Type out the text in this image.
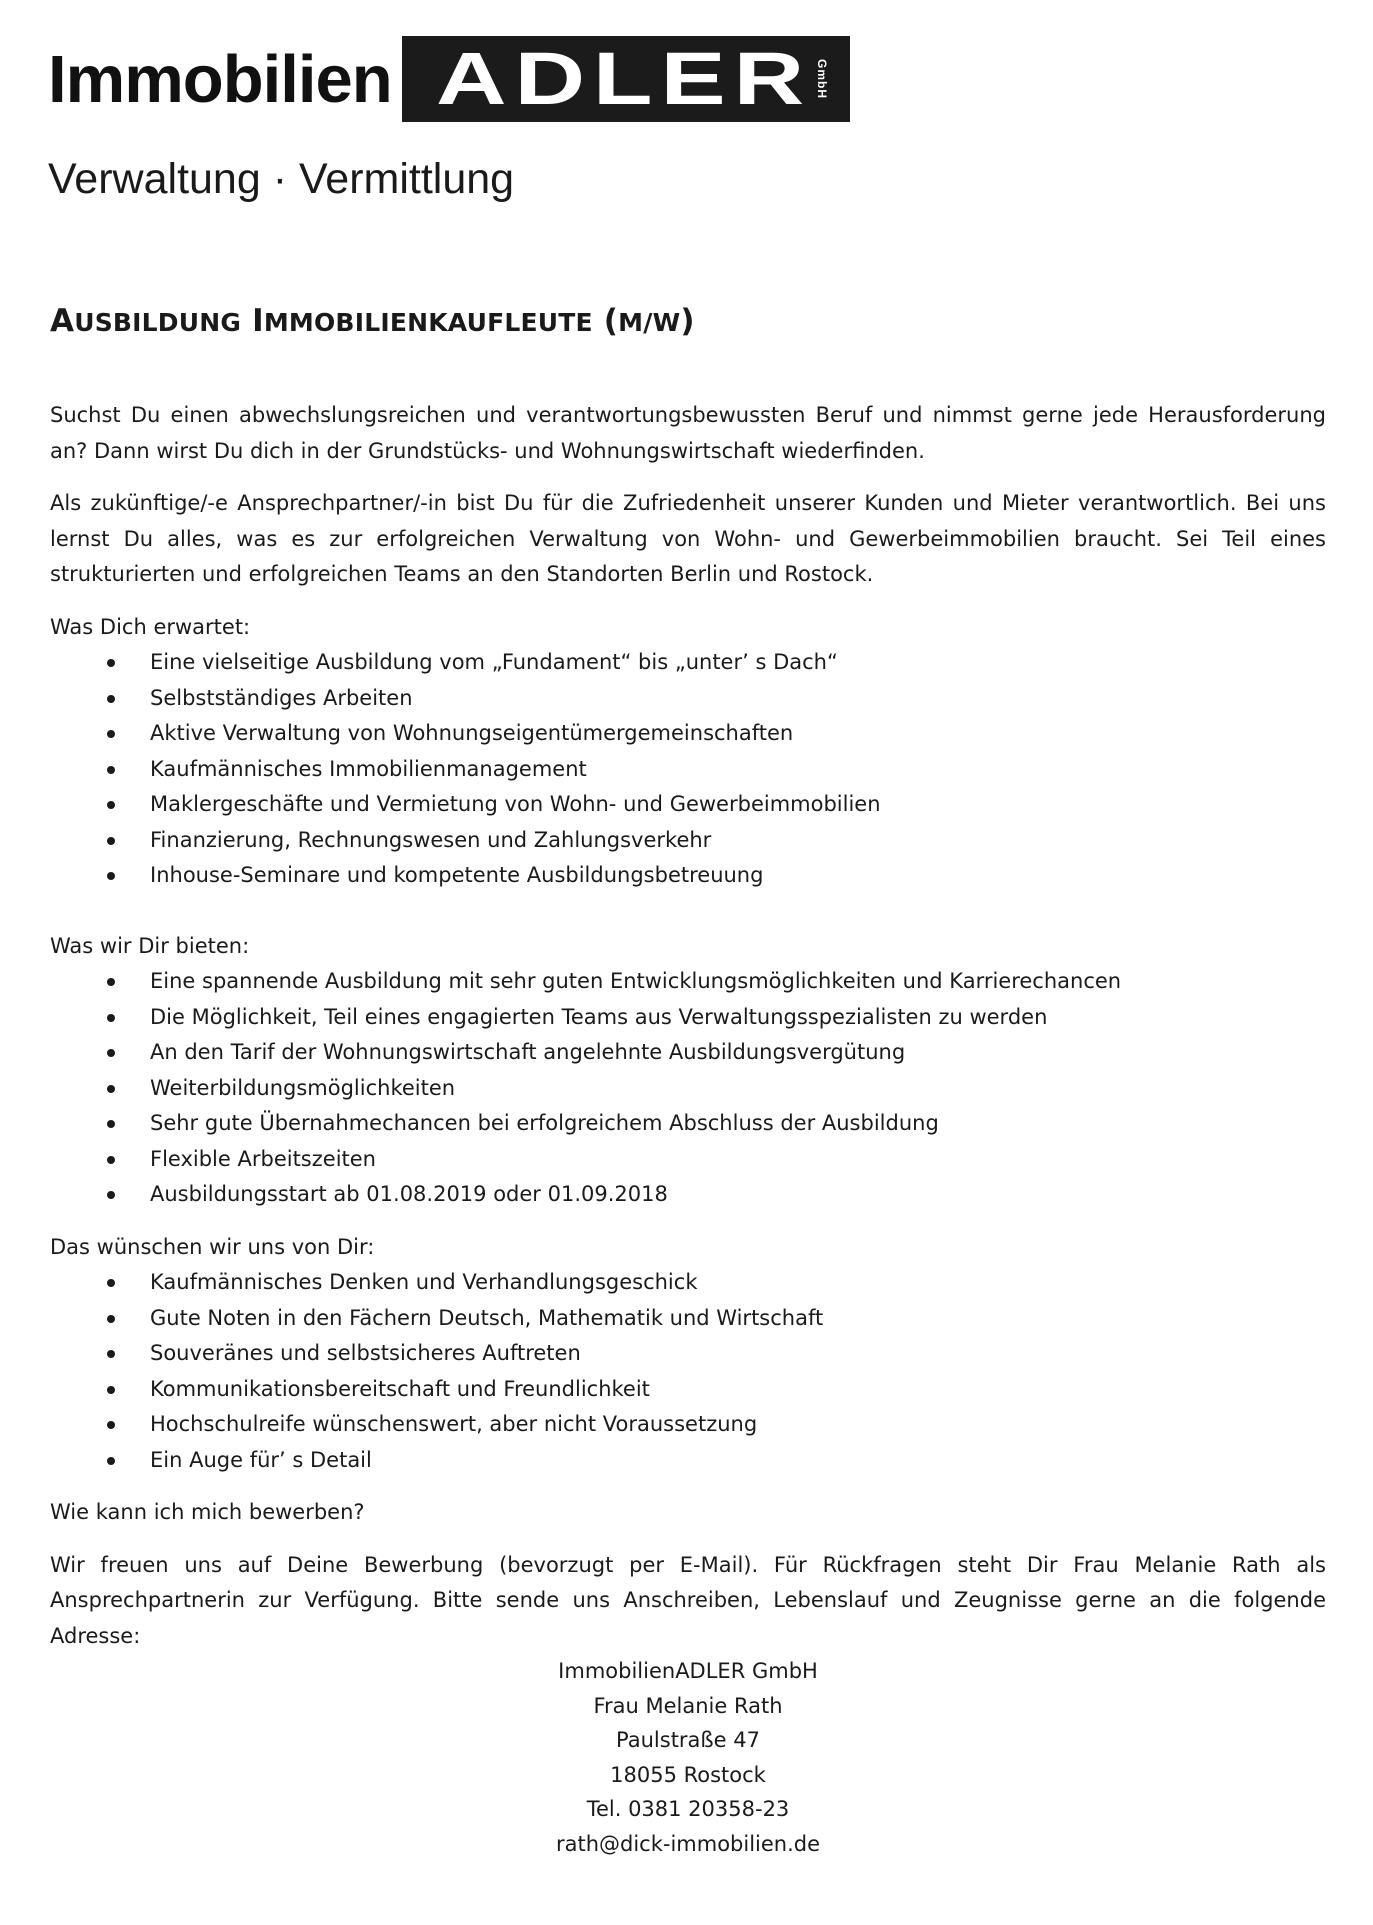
Immobilien ADLER GmbH
Verwaltung · Vermittlung
AUSBILDUNG IMMOBILIENKAUFLEUTE (M/W)

Suchst Du einen abwechslungsreichen und verantwortungsbewussten Beruf und nimmst gerne jede Herausforderung an? Dann wirst Du dich in der Grundstücks- und Wohnungswirtschaft wiederfinden.

Als zukünftige/-e Ansprechpartner/-in bist Du für die Zufriedenheit unserer Kunden und Mieter verantwortlich. Bei uns lernst Du alles, was es zur erfolgreichen Verwaltung von Wohn- und Gewerbeimmobilien braucht. Sei Teil eines strukturierten und erfolgreichen Teams an den Standorten Berlin und Rostock.

Was Dich erwartet:
Eine vielseitige Ausbildung vom „Fundament“ bis „unter’ s Dach“
Selbstständiges Arbeiten
Aktive Verwaltung von Wohnungseigentümergemeinschaften
Kaufmännisches Immobilienmanagement
Maklergeschäfte und Vermietung von Wohn- und Gewerbeimmobilien
Finanzierung, Rechnungswesen und Zahlungsverkehr
Inhouse-Seminare und kompetente Ausbildungsbetreuung
Was wir Dir bieten:
Eine spannende Ausbildung mit sehr guten Entwicklungsmöglichkeiten und Karrierechancen
Die Möglichkeit, Teil eines engagierten Teams aus Verwaltungsspezialisten zu werden
An den Tarif der Wohnungswirtschaft angelehnte Ausbildungsvergütung
Weiterbildungsmöglichkeiten
Sehr gute Übernahmechancen bei erfolgreichem Abschluss der Ausbildung
Flexible Arbeitszeiten
Ausbildungsstart ab 01.08.2019 oder 01.09.2018
Das wünschen wir uns von Dir:
Kaufmännisches Denken und Verhandlungsgeschick
Gute Noten in den Fächern Deutsch, Mathematik und Wirtschaft
Souveränes und selbstsicheres Auftreten
Kommunikationsbereitschaft und Freundlichkeit
Hochschulreife wünschenswert, aber nicht Voraussetzung
Ein Auge für’ s Detail

Wie kann ich mich bewerben?

Wir freuen uns auf Deine Bewerbung (bevorzugt per E-Mail). Für Rückfragen steht Dir Frau Melanie Rath als Ansprechpartnerin zur Verfügung. Bitte sende uns Anschreiben, Lebenslauf und Zeugnisse gerne an die folgende Adresse:

ImmobilienADLER GmbH
Frau Melanie Rath
Paulstraße 47
18055 Rostock
Tel. 0381 20358-23
rath@dick-immobilien.de
